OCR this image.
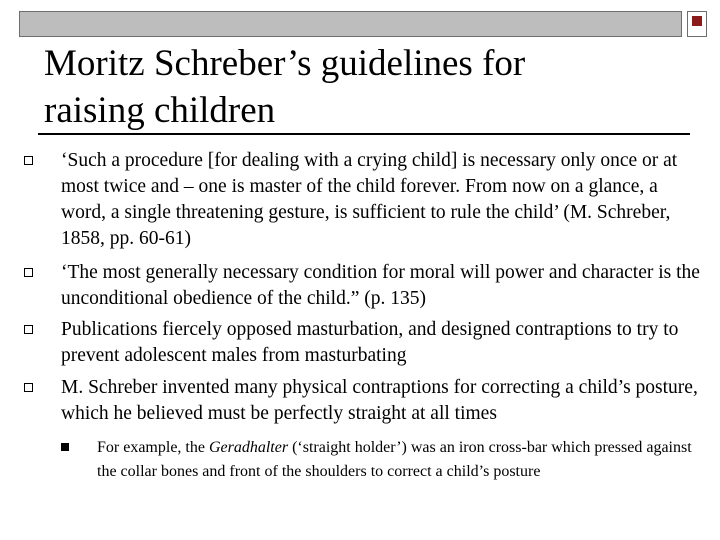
Moritz Schreber’s guidelines for
raising children
‘Such a procedure [for dealing with a crying child] is necessary only once or at most twice and – one is master of the child forever. From now on a glance, a word, a single threatening gesture, is sufficient to rule the child’ (M. Schreber, 1858, pp. 60-61)
‘The most generally necessary condition for moral will power and character is the unconditional obedience of the child.” (p. 135)
Publications fiercely opposed masturbation, and designed contraptions to try to prevent adolescent males from masturbating
M. Schreber invented many physical contraptions for correcting a child’s posture, which he believed must be perfectly straight at all times
For example, the Geradhalter (‘straight holder’) was an iron cross-bar which pressed against the collar bones and front of the shoulders to correct a child’s posture
